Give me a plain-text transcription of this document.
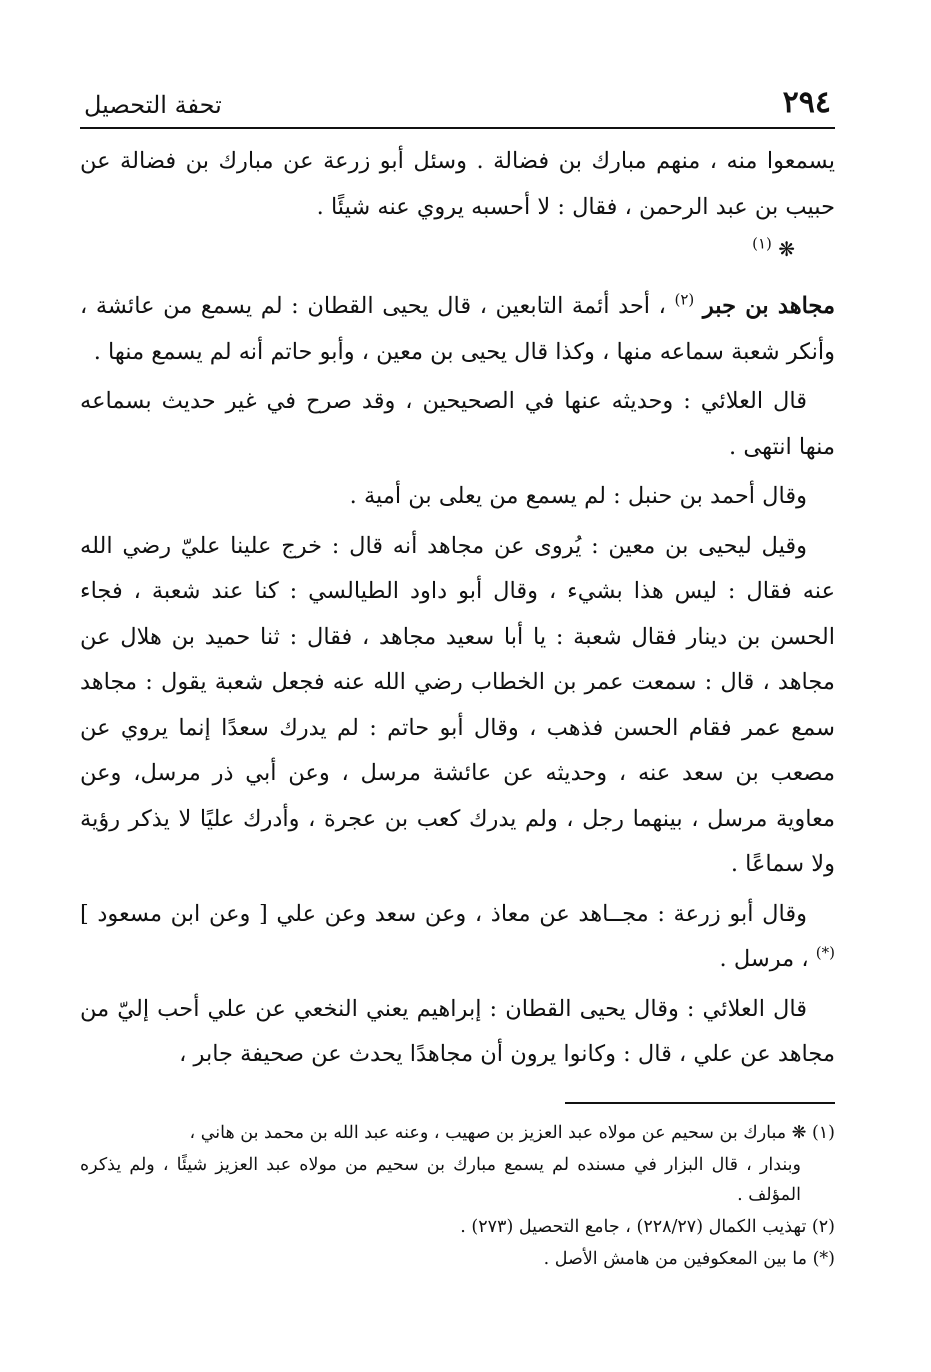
٢٩٤
تحفة التحصيل

يسمعوا منه ، منهم مبارك بن فضالة . وسئل أبو زرعة عن مبارك بن فضالة عن حبيب بن عبد الرحمن ، فقال : لا أحسبه يروي عنه شيئًا .

❋ $^{(١)}$

مجاهد بن جبر $^{(٢)}$ ، أحد أئمة التابعين ، قال يحيى القطان : لم يسمع من عائشة ، وأنكر شعبة سماعه منها ، وكذا قال يحيى بن معين ، وأبو حاتم أنه لم يسمع منها .

قال العلائي : وحديثه عنها في الصحيحين ، وقد صرح في غير حديث بسماعه منها انتهى .

وقال أحمد بن حنبل : لم يسمع من يعلى بن أمية .

وقيل ليحيى بن معين : يُروى عن مجاهد أنه قال : خرج علينا عليّ رضي الله عنه فقال : ليس هذا بشيء ، وقال أبو داود الطيالسي : كنا عند شعبة ، فجاء الحسن بن دينار فقال شعبة : يا أبا سعيد مجاهد ، فقال : ثنا حميد بن هلال عن مجاهد ، قال : سمعت عمر بن الخطاب رضي الله عنه فجعل شعبة يقول : مجاهد سمع عمر فقام الحسن فذهب ، وقال أبو حاتم : لم يدرك سعدًا إنما يروي عن مصعب بن سعد عنه ، وحديثه عن عائشة مرسل ، وعن أبي ذر مرسل، وعن معاوية مرسل ، بينهما رجل ، ولم يدرك كعب بن عجرة ، وأدرك عليًا لا يذكر رؤية ولا سماعًا .

وقال أبو زرعة : مجــاهد عن معاذ ، وعن سعد وعن علي [ وعن ابن مسعود ] (*) ، مرسل .

قال العلائي : وقال يحيى القطان : إبراهيم يعني النخعي عن علي أحب إليّ من مجاهد عن علي ، قال : وكانوا يرون أن مجاهدًا يحدث عن صحيفة جابر ،

(١) ❋ مبارك بن سحيم عن مولاه عبد العزيز بن صهيب ، وعنه عبد الله بن محمد بن هاني ،

وبندار ، قال البزار في مسنده لم يسمع مبارك بن سحيم من مولاه عبد العزيز شيئًا ، ولم يذكره المؤلف .

(٢) تهذيب الكمال (٢٢٨/٢٧) ، جامع التحصيل (٢٧٣) .

(*) ما بين المعكوفين من هامش الأصل .
